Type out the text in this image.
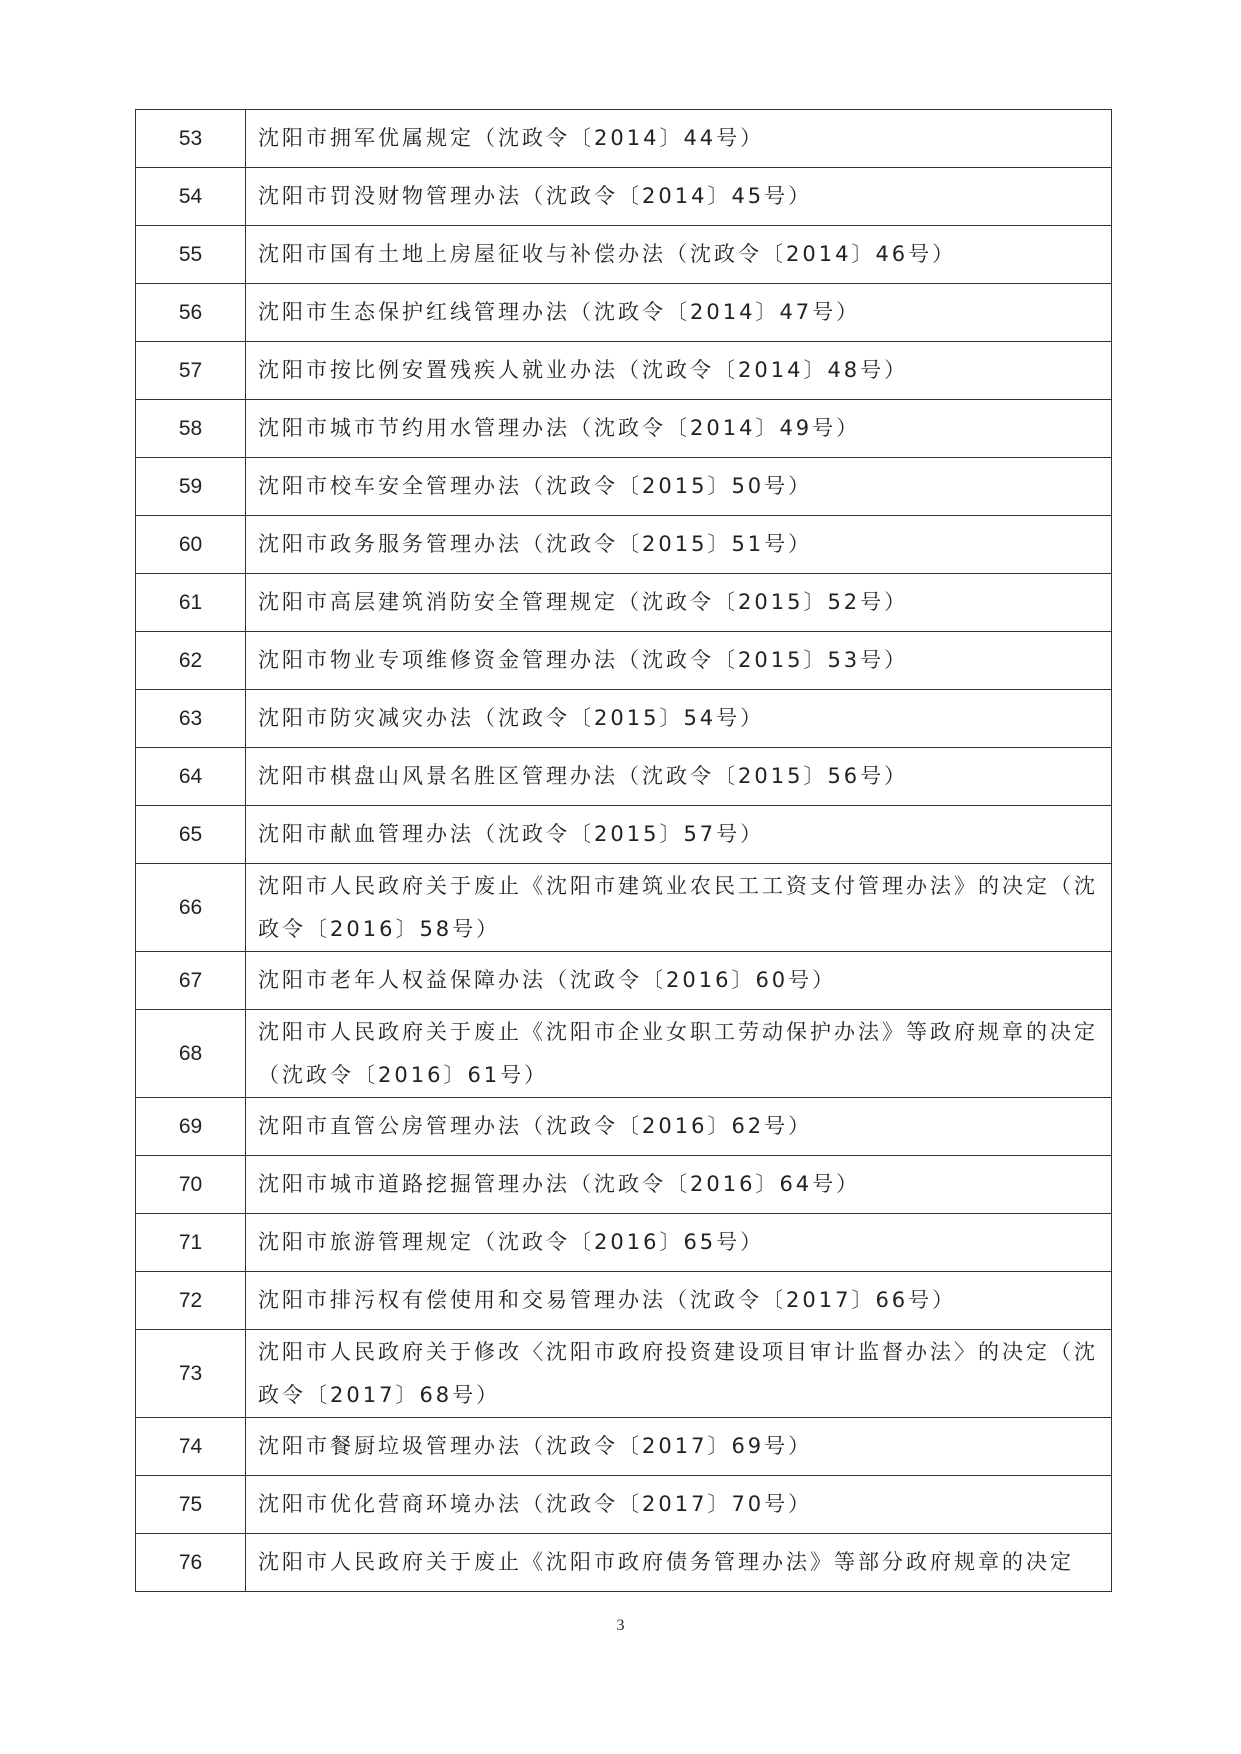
53	沈阳市拥军优属规定（沈政令〔2014〕44号）
54	沈阳市罚没财物管理办法（沈政令〔2014〕45号）
55	沈阳市国有土地上房屋征收与补偿办法（沈政令〔2014〕46号）
56	沈阳市生态保护红线管理办法（沈政令〔2014〕47号）
57	沈阳市按比例安置残疾人就业办法（沈政令〔2014〕48号）
58	沈阳市城市节约用水管理办法（沈政令〔2014〕49号）
59	沈阳市校车安全管理办法（沈政令〔2015〕50号）
60	沈阳市政务服务管理办法（沈政令〔2015〕51号）
61	沈阳市高层建筑消防安全管理规定（沈政令〔2015〕52号）
62	沈阳市物业专项维修资金管理办法（沈政令〔2015〕53号）
63	沈阳市防灾减灾办法（沈政令〔2015〕54号）
64	沈阳市棋盘山风景名胜区管理办法（沈政令〔2015〕56号）
65	沈阳市献血管理办法（沈政令〔2015〕57号）
66	沈阳市人民政府关于废止《沈阳市建筑业农民工工资支付管理办法》的决定（沈政令〔2016〕58号）
67	沈阳市老年人权益保障办法（沈政令〔2016〕60号）
68	沈阳市人民政府关于废止《沈阳市企业女职工劳动保护办法》等政府规章的决定（沈政令〔2016〕61号）
69	沈阳市直管公房管理办法（沈政令〔2016〕62号）
70	沈阳市城市道路挖掘管理办法（沈政令〔2016〕64号）
71	沈阳市旅游管理规定（沈政令〔2016〕65号）
72	沈阳市排污权有偿使用和交易管理办法（沈政令〔2017〕66号）
73	沈阳市人民政府关于修改〈沈阳市政府投资建设项目审计监督办法〉的决定（沈政令〔2017〕68号）
74	沈阳市餐厨垃圾管理办法（沈政令〔2017〕69号）
75	沈阳市优化营商环境办法（沈政令〔2017〕70号）
76	沈阳市人民政府关于废止《沈阳市政府债务管理办法》等部分政府规章的决定
3
